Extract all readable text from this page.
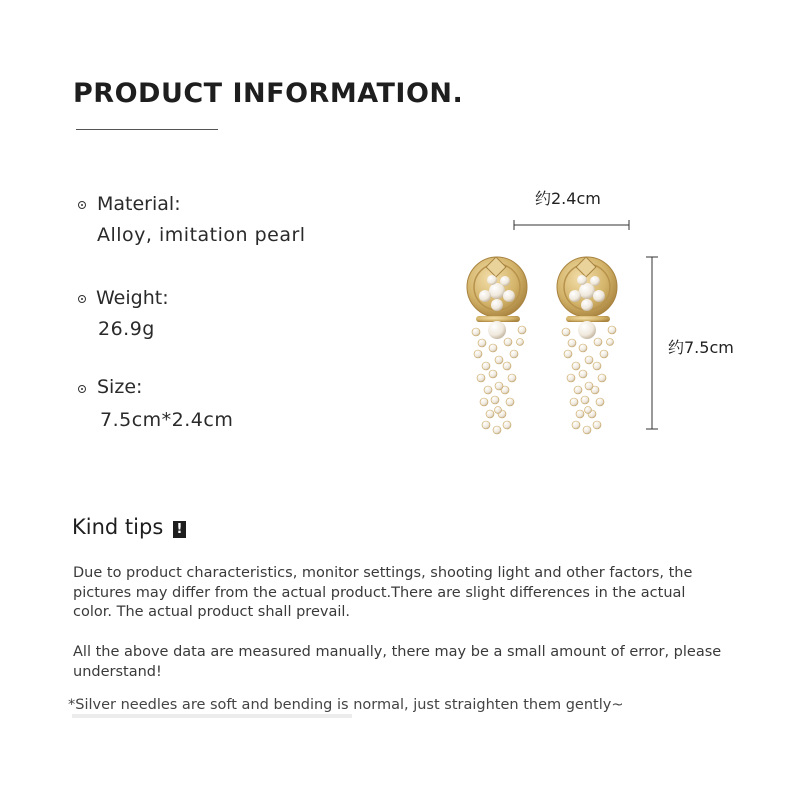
PRODUCT INFORMATION.
Material:
Alloy, imitation pearl
Weight:
26.9g
Size:
7.5cm*2.4cm
约2.4cm
约7.5cm
Kind tips !
Due to product characteristics, monitor settings, shooting light and other factors, the pictures may differ from the actual product.There are slight differences in the actual color. The actual product shall prevail.
All the above data are measured manually, there may be a small amount of error, please understand!
*Silver needles are soft and bending is normal, just straighten them gently~
